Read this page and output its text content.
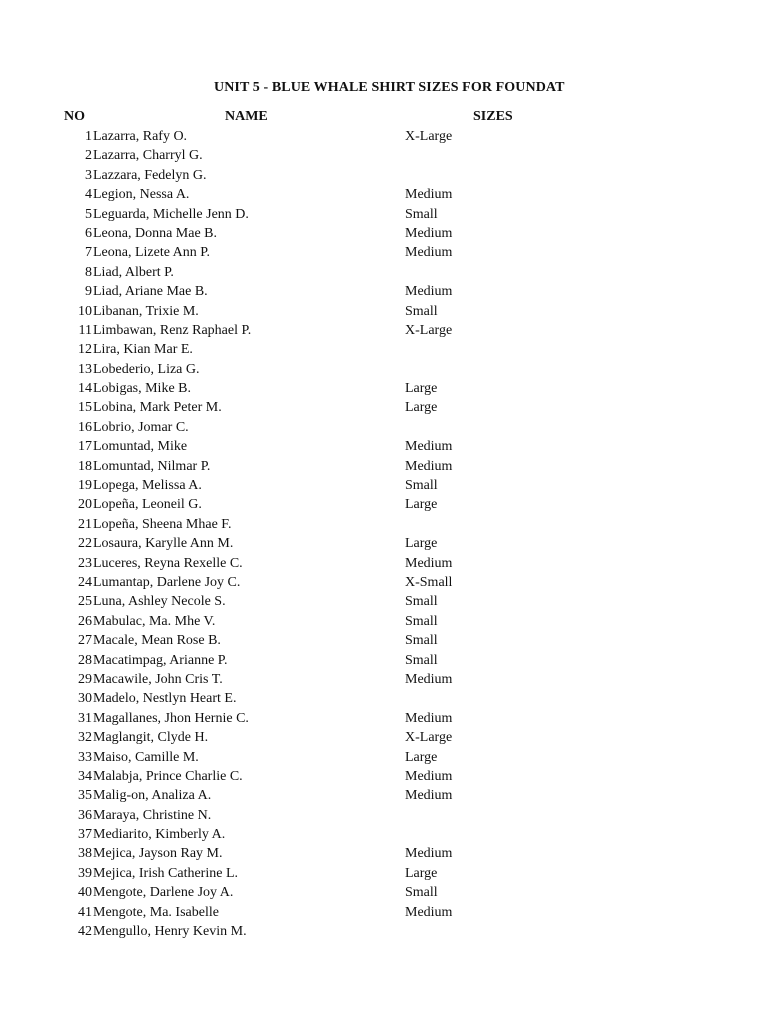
UNIT 5 - BLUE WHALE SHIRT SIZES FOR FOUNDAT
NO	NAME	SIZES
1 Lazarra, Rafy O.	X-Large
2 Lazarra, Charryl G.
3 Lazzara, Fedelyn G.
4 Legion, Nessa A.	Medium
5 Leguarda, Michelle Jenn D.	Small
6 Leona, Donna Mae B.	Medium
7 Leona, Lizete Ann P.	Medium
8 Liad, Albert P.
9 Liad, Ariane Mae B.	Medium
10 Libanan, Trixie M.	Small
11 Limbawan, Renz Raphael P.	X-Large
12 Lira, Kian Mar E.
13 Lobederio, Liza G.
14 Lobigas, Mike B.	Large
15 Lobina, Mark Peter M.	Large
16 Lobrio, Jomar C.
17 Lomuntad, Mike	Medium
18 Lomuntad, Nilmar P.	Medium
19 Lopega, Melissa A.	Small
20 Lopeña, Leoneil G.	Large
21 Lopeña, Sheena Mhae F.
22 Losaura, Karylle Ann M.	Large
23 Luceres, Reyna Rexelle C.	Medium
24 Lumantap, Darlene Joy C.	X-Small
25 Luna, Ashley Necole S.	Small
26 Mabulac, Ma. Mhe V.	Small
27 Macale, Mean Rose B.	Small
28 Macatimpag, Arianne P.	Small
29 Macawile, John Cris T.	Medium
30 Madelo, Nestlyn Heart E.
31 Magallanes, Jhon Hernie C.	Medium
32 Maglangit, Clyde H.	X-Large
33 Maiso, Camille M.	Large
34 Malabja, Prince Charlie C.	Medium
35 Malig-on, Analiza A.	Medium
36 Maraya, Christine N.
37 Mediarito, Kimberly A.
38 Mejica, Jayson Ray M.	Medium
39 Mejica, Irish Catherine L.	Large
40 Mengote, Darlene Joy A.	Small
41 Mengote, Ma. Isabelle	Medium
42 Mengullo, Henry Kevin M.
